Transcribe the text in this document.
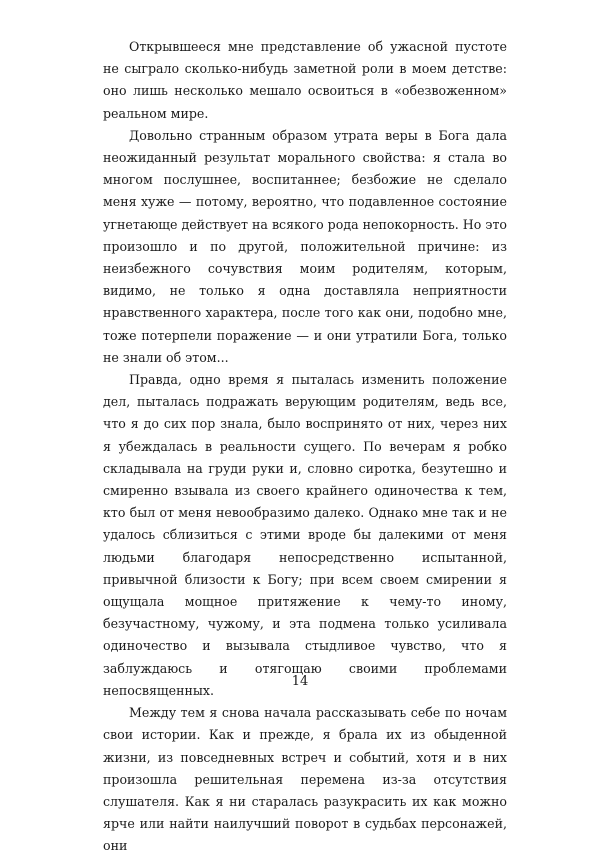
Открывшееся мне представление об ужасной пустоте не сыграло сколько-нибудь заметной роли в моем детстве: оно лишь несколько мешало освоиться в «обезвоженном» реальном мире.

Довольно странным образом утрата веры в Бога дала неожиданный результат морального свойства: я стала во многом послушнее, воспитаннее; безбожие не сделало меня хуже — потому, вероятно, что подавленное состояние угнетающе действует на всякого рода непокорность. Но это произошло и по другой, положительной причине: из неизбежного сочувствия моим родителям, которым, видимо, не только я одна доставляла неприятности нравственного характера, после того как они, подобно мне, тоже потерпели поражение — и они утратили Бога, только не знали об этом...

Правда, одно время я пыталась изменить положение дел, пыталась подражать верующим родителям, ведь все, что я до сих пор знала, было воспринято от них, через них я убеждалась в реальности сущего. По вечерам я робко складывала на груди руки и, словно сиротка, безутешно и смиренно взывала из своего крайнего одиночества к тем, кто был от меня невообразимо далеко. Однако мне так и не удалось сблизиться с этими вроде бы далекими от меня людьми благодаря непосредственно испытанной, привычной близости к Богу; при всем своем смирении я ощущала мощное притяжение к чему-то иному, безучастному, чужому, и эта подмена только усиливала одиночество и вызывала стыдливое чувство, что я заблуждаюсь и отягощаю своими проблемами непосвященных.

Между тем я снова начала рассказывать себе по ночам свои истории. Как и прежде, я брала их из обыденной жизни, из повседневных встреч и событий, хотя и в них произошла решительная перемена из-за отсутствия слушателя. Как я ни старалась разукрасить их как можно ярче или найти наилучший поворот в судьбах персонажей, они

14
